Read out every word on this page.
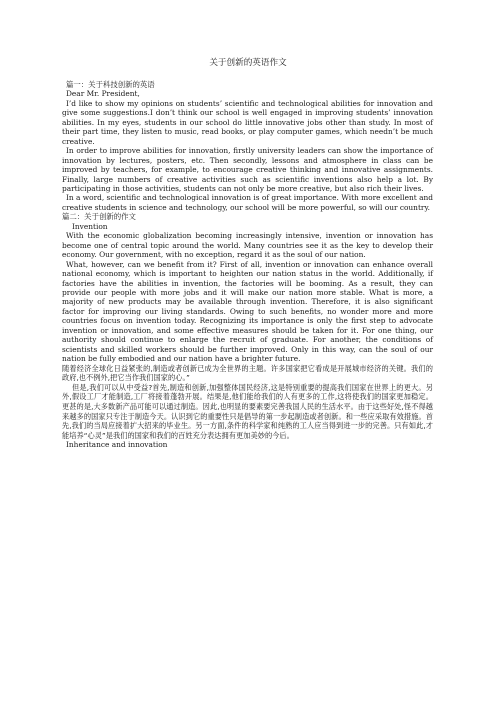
关于创新的英语作文

篇一：关于科技创新的英语

Dear Mr. President,

I’d like to show my opinions on students’ scientific and technological abilities for innovation and give some suggestions.I don’t think our school is well engaged in improving students’ innovation abilities. In my eyes, students in our school do little innovative jobs other than study. In most of their part time, they listen to music, read books, or play computer games, which needn’t be much creative.

In order to improve abilities for innovation, firstly university leaders can show the importance of innovation by lectures, posters, etc. Then secondly, lessons and atmosphere in class can be improved by teachers, for example, to encourage creative thinking and innovative assignments. Finally, large numbers of creative activities such as scientific inventions also help a lot. By participating in those activities, students can not only be more creative, but also rich their lives.

In a word, scientific and technological innovation is of great importance. With more excellent and creative students in science and technology, our school will be more powerful, so will our country.

篇二：关于创新的作文

Invention

With the economic globalization becoming increasingly intensive, invention or innovation has become one of central topic around the world. Many countries see it as the key to develop their economy. Our government, with no exception, regard it as the soul of our nation.

What, however, can we benefit from it? First of all, invention or innovation can enhance overall national economy, which is important to heighten our nation status in the world. Additionally, if factories have the abilities in invention, the factories will be booming. As a result, they can provide our people with more jobs and it will make our nation more stable. What is more, a majority of new products may be available through invention. Therefore, it is also significant factor for improving our living standards. Owing to such benefits, no wonder more and more countries focus on invention today. Recognizing its importance is only the first step to advocate invention or innovation, and some effective measures should be taken for it. For one thing, our authority should continue to enlarge the recruit of graduate. For another, the conditions of scientists and skilled workers should be further improved. Only in this way, can the soul of our nation be fully embodied and our nation have a brighter future.

随着经济全球化日益紧张的,制造或者创新已成为全世界的主题。许多国家把它看成是开展城市经济的关键。我们的政府,也不例外,把它当作我们国家的心。”

但是,我们可以从中受益?首先,制造和创新,加强整体国民经济,这是特别重要的提高我们国家在世界上的更大。另外,假设工厂才能制造,工厂将接着蓬勃开展。结果是,他们能给我们的人有更多的工作,这将使我们的国家更加稳定。更甚的是,大多数新产品可能可以通过制造。因此,也明显的要素要完善我国人民的生活水平。由于这些好处,怪不得越来越多的国家只专注于制造今天。认识到它的重要性只是倡导的第一步起制造或者创新。和一些应采取有效措施。首先,我们的当局应接着扩大招来的毕业生。另一方面,条件的科学家和纯熟的工人应当得到进一步的完善。只有如此,才能培养“心灵”是我们的国家和我们的百姓充分表达拥有更加美妙的今后。

Inheritance and innovation
